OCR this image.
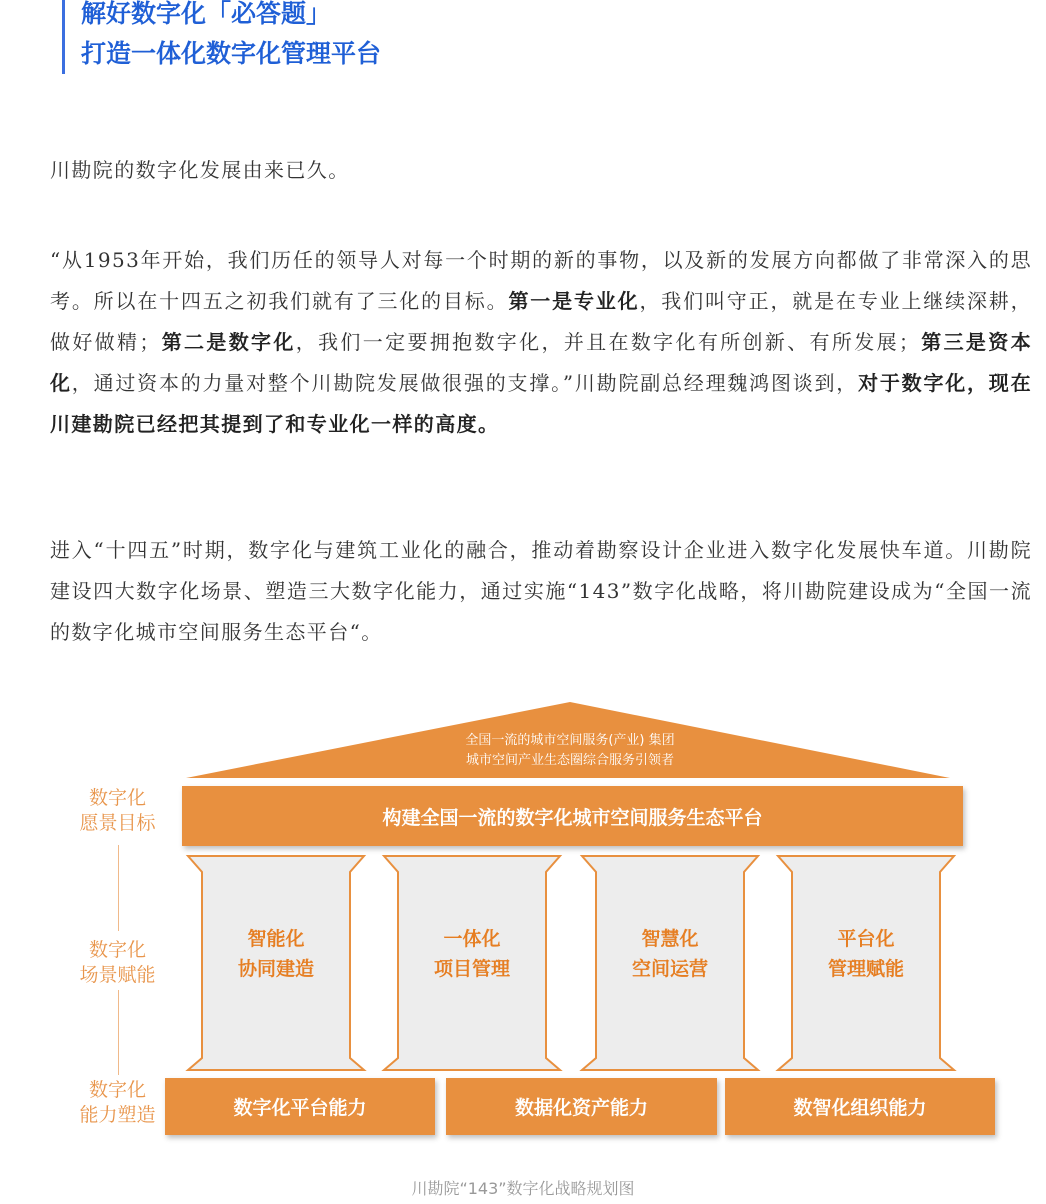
解好数字化「必答题」
打造一体化数字化管理平台

川勘院的数字化发展由来已久。

“从1953年开始，我们历任的领导人对每一个时期的新的事物，以及新的发展方向都做了非常深入的思考。所以在十四五之初我们就有了三化的目标。第一是专业化，我们叫守正，就是在专业上继续深耕，做好做精；第二是数字化，我们一定要拥抱数字化，并且在数字化有所创新、有所发展；第三是资本化，通过资本的力量对整个川勘院发展做很强的支撑。”川勘院副总经理魏鸿图谈到，对于数字化，现在川建勘院已经把其提到了和专业化一样的高度。

进入“十四五”时期，数字化与建筑工业化的融合，推动着勘察设计企业进入数字化发展快车道。川勘院建设四大数字化场景、塑造三大数字化能力，通过实施“143”数字化战略，将川勘院建设成为“全国一流的数字化城市空间服务生态平台“。

数字化
愿景目标
数字化
场景赋能
数字化
能力塑造
全国一流的城市空间服务(产业) 集团
城市空间产业生态圈综合服务引领者
构建全国一流的数字化城市空间服务生态平台
智能化
协同建造
一体化
项目管理
智慧化
空间运营
平台化
管理赋能
数字化平台能力	数据化资产能力	数智化组织能力
川勘院“143”数字化战略规划图
